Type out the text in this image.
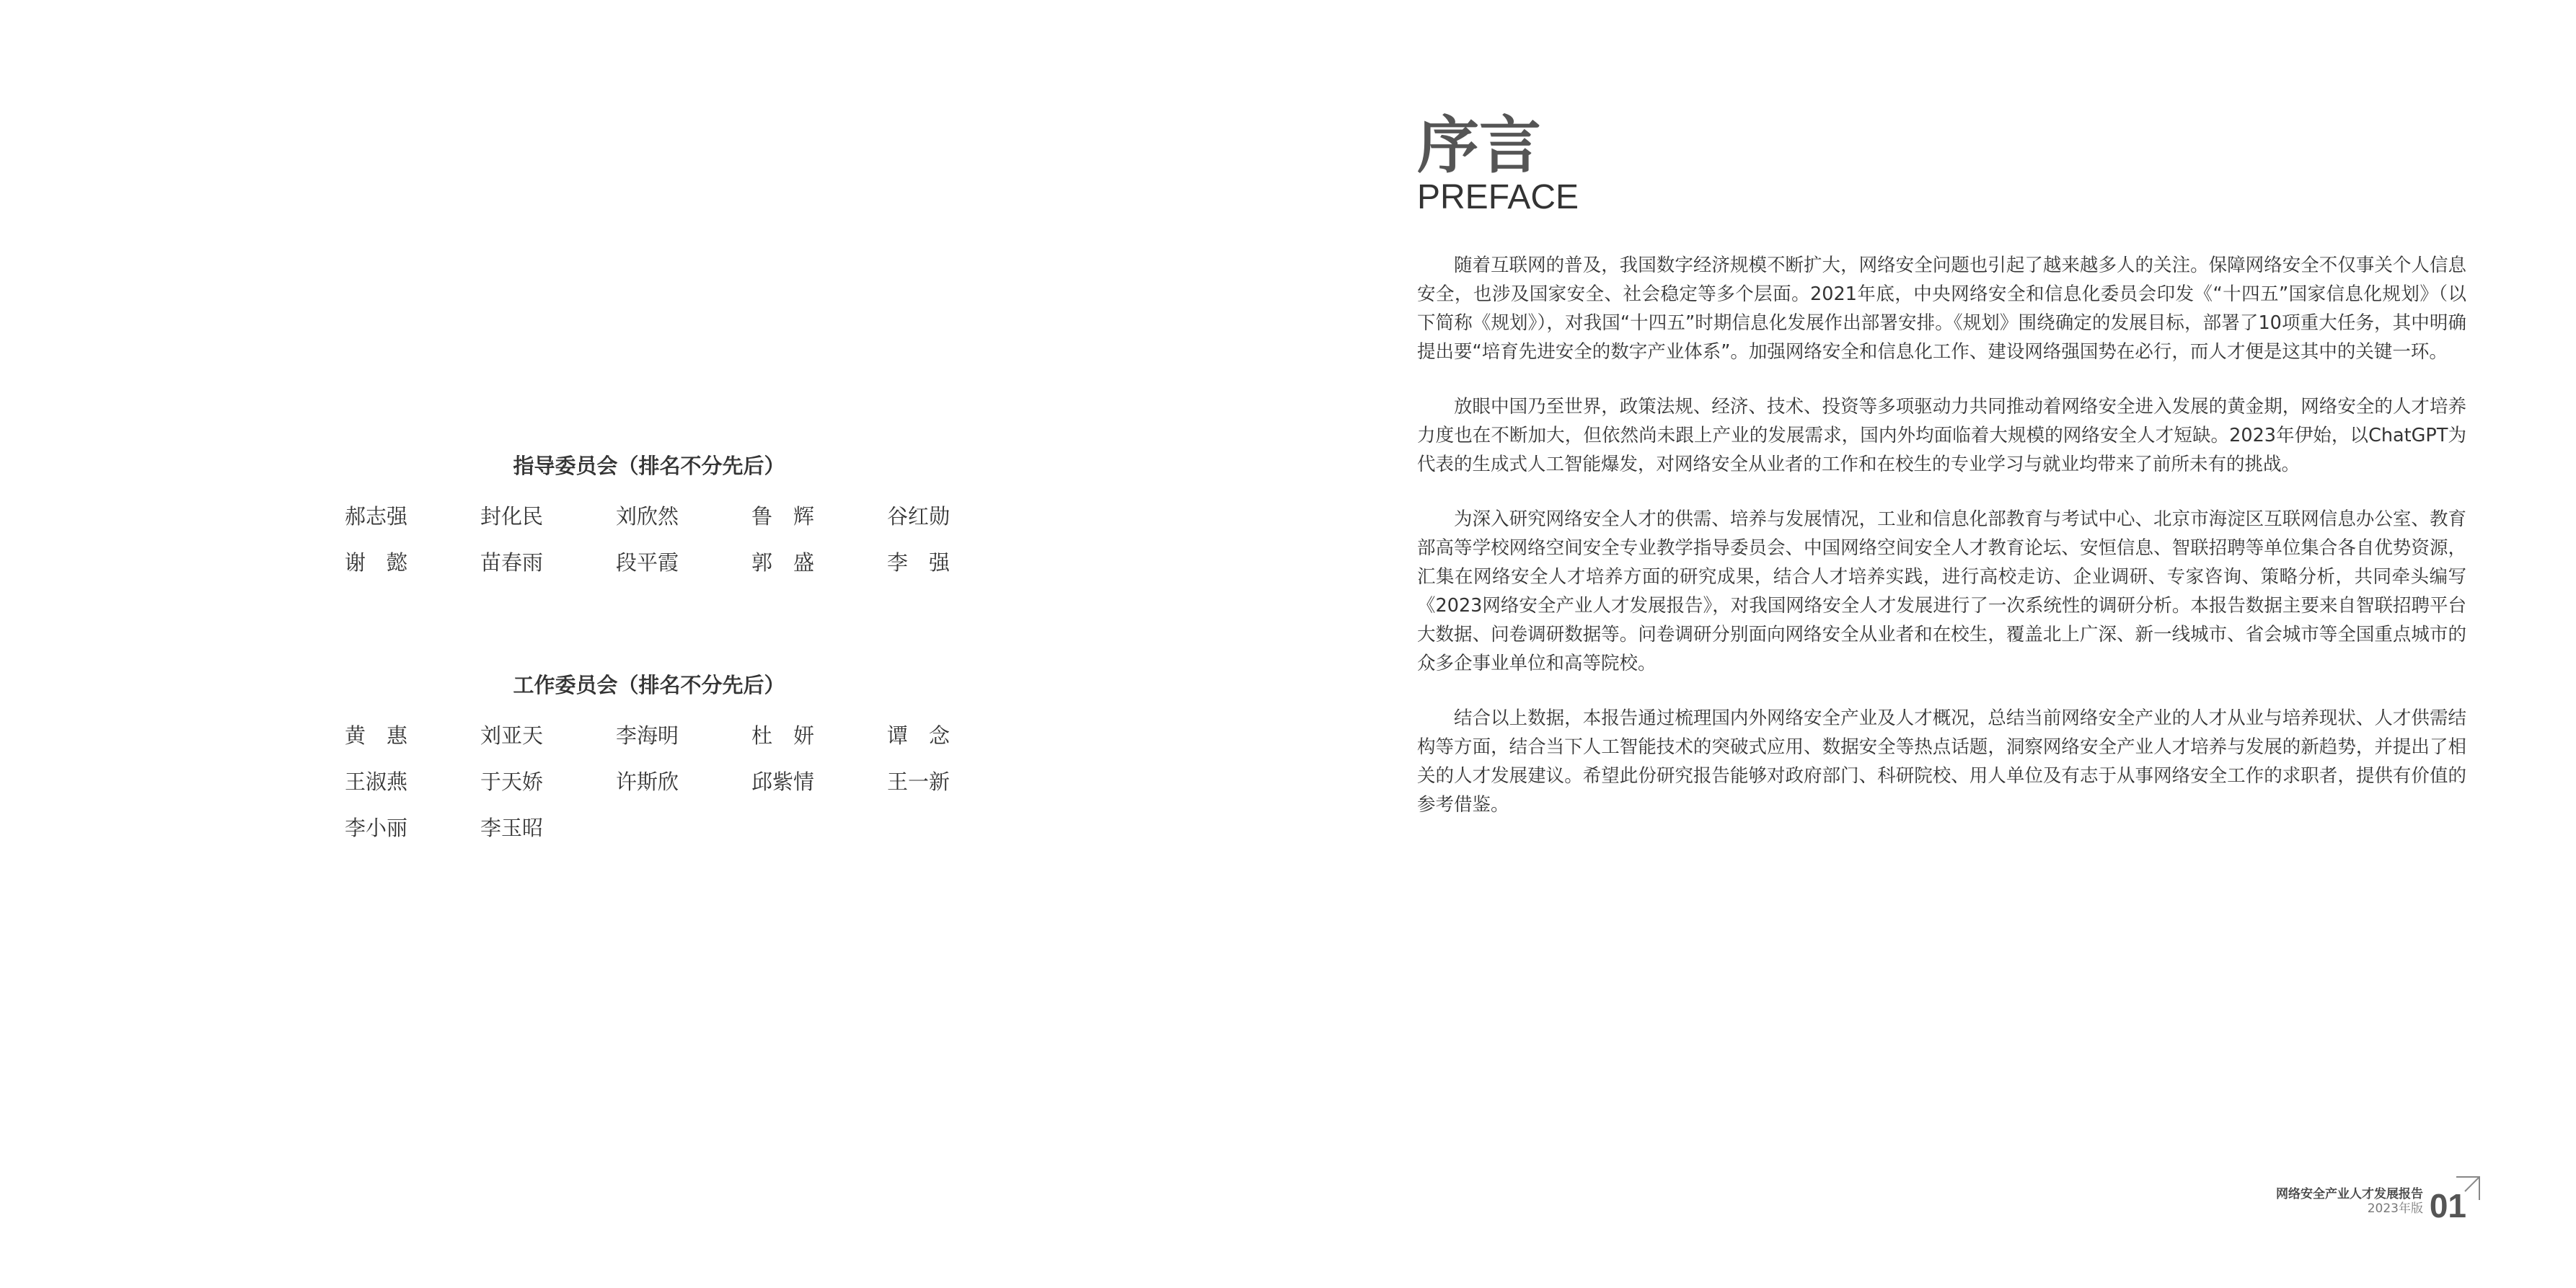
指导委员会（排名不分先后）
郝志强	封化民	刘欣然	鲁　辉	谷红勋
谢　懿	苗春雨	段平霞	郭　盛	李　强
工作委员会（排名不分先后）
黄　惠	刘亚天	李海明	杜　妍	谭　念
王淑燕	于天娇	许斯欣	邱紫情	王一新
李小丽	李玉昭
序言
PREFACE

随着互联网的普及，我国数字经济规模不断扩大，网络安全问题也引起了越来越多人的关注。保障网络安全不仅事关个人信息安全，也涉及国家安全、社会稳定等多个层面。2021年底，中央网络安全和信息化委员会印发《“十四五”国家信息化规划》（以下简称《规划》），对我国“十四五”时期信息化发展作出部署安排。《规划》围绕确定的发展目标，部署了10项重大任务，其中明确提出要“培育先进安全的数字产业体系”。加强网络安全和信息化工作、建设网络强国势在必行，而人才便是这其中的关键一环。

放眼中国乃至世界，政策法规、经济、技术、投资等多项驱动力共同推动着网络安全进入发展的黄金期，网络安全的人才培养力度也在不断加大，但依然尚未跟上产业的发展需求，国内外均面临着大规模的网络安全人才短缺。2023年伊始，以ChatGPT为代表的生成式人工智能爆发，对网络安全从业者的工作和在校生的专业学习与就业均带来了前所未有的挑战。

为深入研究网络安全人才的供需、培养与发展情况，工业和信息化部教育与考试中心、北京市海淀区互联网信息办公室、教育部高等学校网络空间安全专业教学指导委员会、中国网络空间安全人才教育论坛、安恒信息、智联招聘等单位集合各自优势资源，汇集在网络安全人才培养方面的研究成果，结合人才培养实践，进行高校走访、企业调研、专家咨询、策略分析，共同牵头编写《2023网络安全产业人才发展报告》，对我国网络安全人才发展进行了一次系统性的调研分析。本报告数据主要来自智联招聘平台大数据、问卷调研数据等。问卷调研分别面向网络安全从业者和在校生，覆盖北上广深、新一线城市、省会城市等全国重点城市的众多企事业单位和高等院校。

结合以上数据，本报告通过梳理国内外网络安全产业及人才概况，总结当前网络安全产业的人才从业与培养现状、人才供需结构等方面，结合当下人工智能技术的突破式应用、数据安全等热点话题，洞察网络安全产业人才培养与发展的新趋势，并提出了相关的人才发展建议。希望此份研究报告能够对政府部门、科研院校、用人单位及有志于从事网络安全工作的求职者，提供有价值的参考借鉴。

网络安全产业人才发展报告
2023年版 01
